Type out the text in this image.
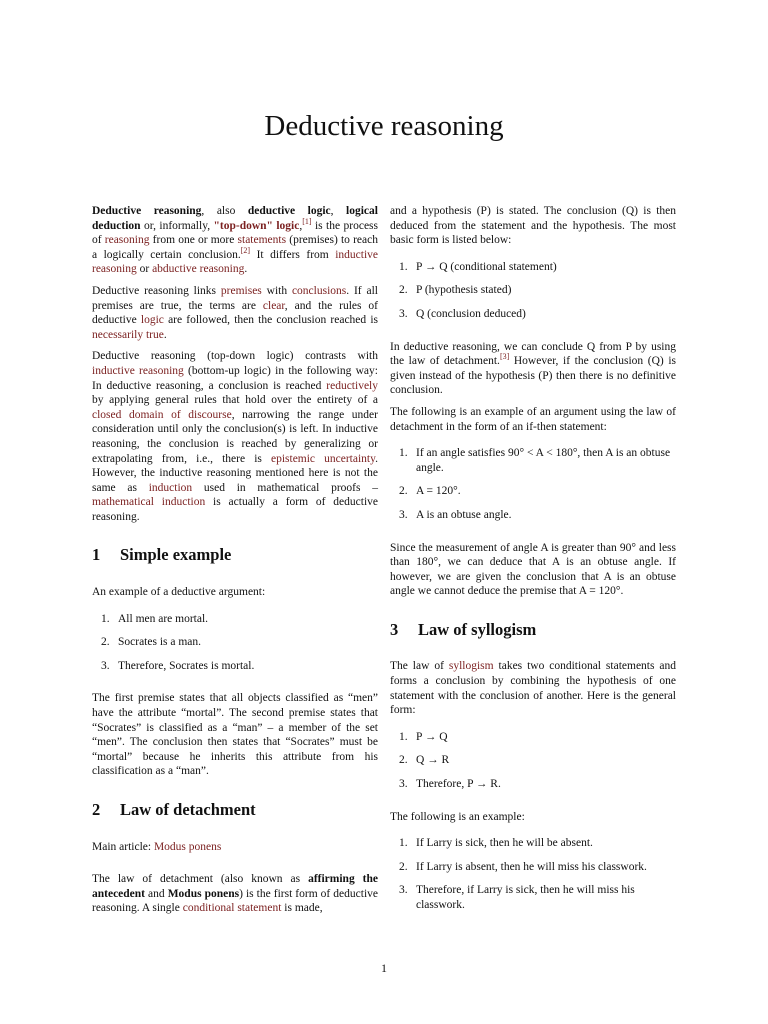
Deductive reasoning

Deductive reasoning, also deductive logic, logical deduction or, informally, "top-down" logic,[1] is the process of reasoning from one or more statements (premises) to reach a logically certain conclusion.[2] It differs from inductive reasoning or abductive reasoning.

Deductive reasoning links premises with conclusions. If all premises are true, the terms are clear, and the rules of deductive logic are followed, then the conclusion reached is necessarily true.

Deductive reasoning (top-down logic) contrasts with inductive reasoning (bottom-up logic) in the following way: In deductive reasoning, a conclusion is reached reductively by applying general rules that hold over the entirety of a closed domain of discourse, narrowing the range under consideration until only the conclusion(s) is left. In inductive reasoning, the conclusion is reached by generalizing or extrapolating from, i.e., there is epistemic uncertainty. However, the inductive reasoning mentioned here is not the same as induction used in mathematical proofs – mathematical induction is actually a form of deductive reasoning.

1 Simple example

An example of a deductive argument:

1. All men are mortal.
2. Socrates is a man.
3. Therefore, Socrates is mortal.

The first premise states that all objects classified as “men” have the attribute “mortal”. The second premise states that “Socrates” is classified as a “man” – a member of the set “men”. The conclusion then states that “Socrates” must be “mortal” because he inherits this attribute from his classification as a “man”.

2 Law of detachment

Main article: Modus ponens

The law of detachment (also known as affirming the antecedent and Modus ponens) is the first form of deductive reasoning. A single conditional statement is made,

and a hypothesis (P) is stated. The conclusion (Q) is then deduced from the statement and the hypothesis. The most basic form is listed below:

1. P → Q (conditional statement)
2. P (hypothesis stated)
3. Q (conclusion deduced)

In deductive reasoning, we can conclude Q from P by using the law of detachment.[3] However, if the conclusion (Q) is given instead of the hypothesis (P) then there is no definitive conclusion.

The following is an example of an argument using the law of detachment in the form of an if-then statement:

1. If an angle satisfies 90° < A < 180°, then A is an obtuse angle.
2. A = 120°.
3. A is an obtuse angle.

Since the measurement of angle A is greater than 90° and less than 180°, we can deduce that A is an obtuse angle. If however, we are given the conclusion that A is an obtuse angle we cannot deduce the premise that A = 120°.

3 Law of syllogism

The law of syllogism takes two conditional statements and forms a conclusion by combining the hypothesis of one statement with the conclusion of another. Here is the general form:

1. P → Q
2. Q → R
3. Therefore, P → R.

The following is an example:

1. If Larry is sick, then he will be absent.
2. If Larry is absent, then he will miss his classwork.
3. Therefore, if Larry is sick, then he will miss his classwork.
1
